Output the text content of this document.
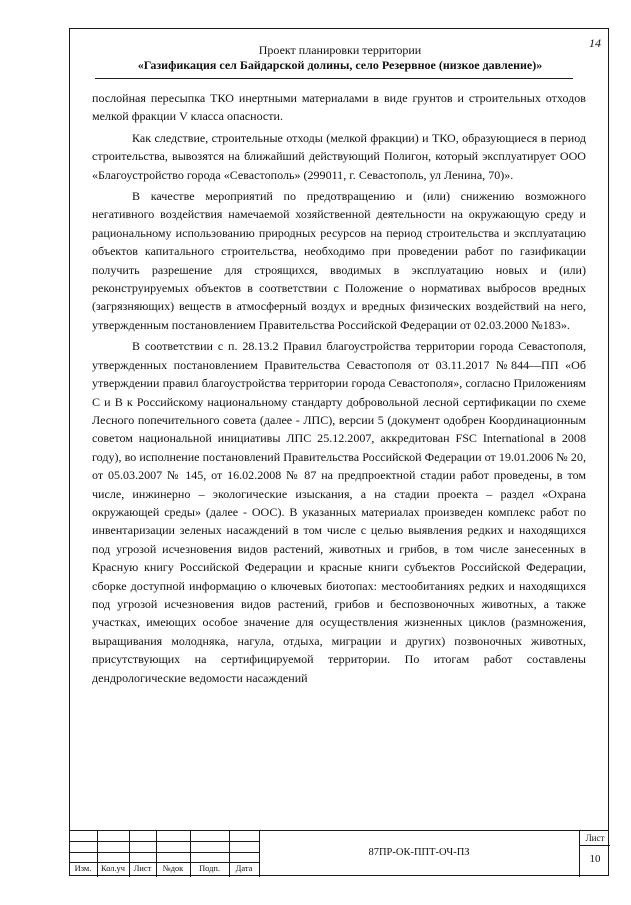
14
Проект планировки территории
«Газификация сел Байдарской долины, село Резервное (низкое давление)»

послойная пересыпка ТКО инертными материалами в виде грунтов и строительных отходов мелкой фракции V класса опасности.

Как следствие, строительные отходы (мелкой фракции) и ТКО, образующиеся в период строительства, вывозятся на ближайший действующий Полигон, который эксплуатирует ООО «Благоустройство города «Севастополь» (299011, г. Севастополь, ул Ленина, 70)».

В качестве мероприятий по предотвращению и (или) снижению возможного негативного воздействия намечаемой хозяйственной деятельности на окружающую среду и рациональному использованию природных ресурсов на период строительства и эксплуатацию объектов капитального строительства, необходимо при проведении работ по газификации получить разрешение для строящихся, вводимых в эксплуатацию новых и (или) реконструируемых объектов в соответствии с Положение о нормативах выбросов вредных (загрязняющих) веществ в атмосферный воздух и вредных физических воздействий на него, утвержденным постановлением Правительства Российской Федерации от 02.03.2000 №183».

В соответствии с п. 28.13.2 Правил благоустройства территории города Севастополя, утвержденных постановлением Правительства Севастополя от 03.11.2017 №844—ПП «Об утверждении правил благоустройства территории города Севастополя», согласно Приложениям С и В к Российскому национальному стандарту добровольной лесной сертификации по схеме Лесного попечительного совета (далее - ЛПС), версии 5 (документ одобрен Координационным советом национальной инициативы ЛПС 25.12.2007, аккредитован FSC International в 2008 году), во исполнение постановлений Правительства Российской Федерации от 19.01.2006 № 20, от 05.03.2007 № 145, от 16.02.2008 № 87 на предпроектной стадии работ проведены, в том числе, инжинерно – экологические изыскания, а на стадии проекта – раздел «Охрана окружающей среды» (далее - ООС). В указанных материалах произведен комплекс работ по инвентаризации зеленых насаждений в том числе с целью выявления редких и находящихся под угрозой исчезновения видов растений, животных и грибов, в том числе занесенных в Красную книгу Российской Федерации и красные книги субъектов Российской Федерации, сборке доступной информацию о ключевых биотопах: местообитаниях редких и находящихся под угрозой исчезновения видов растений, грибов и беспозвоночных животных, а также участках, имеющих особое значение для осуществления жизненных циклов (размножения, выращивания молодняка, нагула, отдыха, миграции и других) позвоночных животных, присутствующих на сертифицируемой территории. По итогам работ составлены дендрологические ведомости насаждений

Изм.	Кол.уч	Лист	№док	Подп.	Дата
87ПР-ОК-ППТ-ОЧ-ПЗ
Лист
10
